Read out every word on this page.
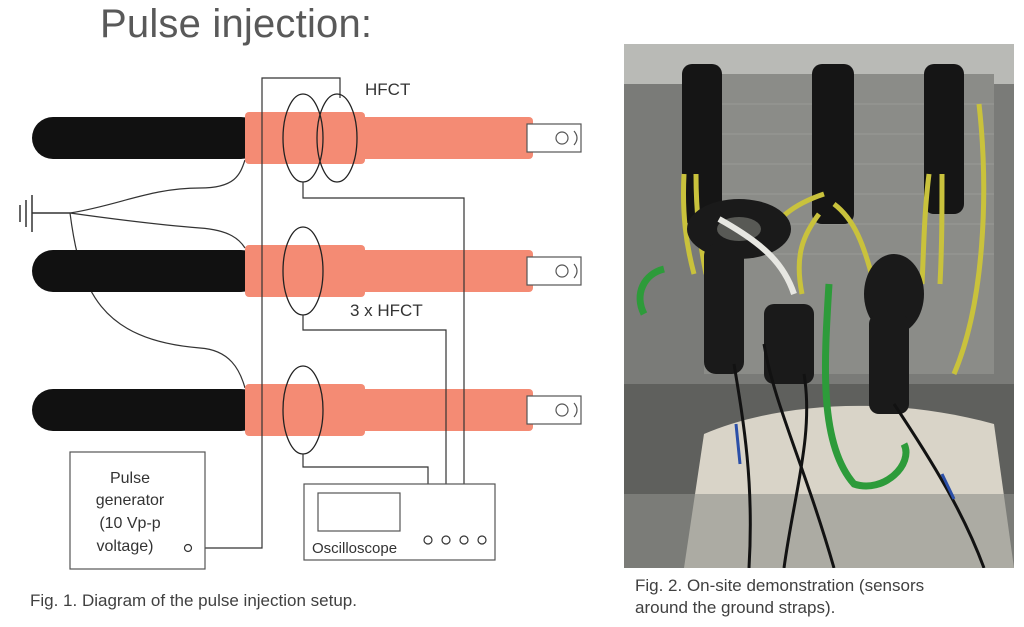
Pulse injection:
Pulse
generator
(10 Vp-p
voltage)	Oscilloscope
HFCT
3 x HFCT
Fig. 1. Diagram of the pulse injection setup.
Fig. 2. On-site demonstration (sensors
around the ground straps).
